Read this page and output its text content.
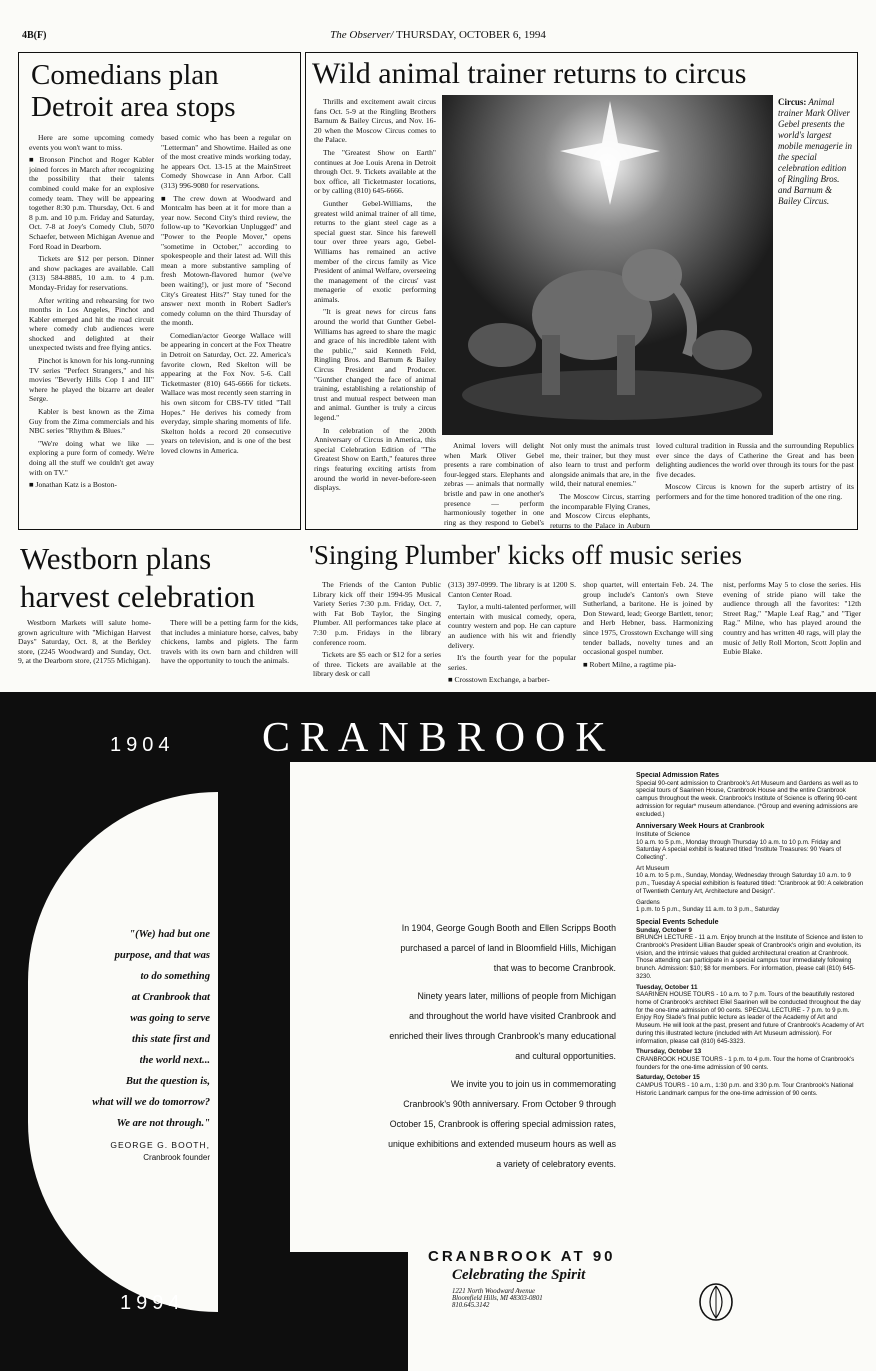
4B(F)	The Observer/ THURSDAY, OCTOBER 6, 1994
Comedians plan
Detroit area stops

Here are some upcoming comedy events you won't want to miss.

■ Bronson Pinchot and Roger Kabler joined forces in March after recognizing the possibility that their talents combined could make for an explosive comedy team. They will be appearing together 8:30 p.m. Thursday, Oct. 6 and 8 p.m. and 10 p.m. Friday and Saturday, Oct. 7-8 at Joey's Comedy Club, 5070 Schaefer, between Michigan Avenue and Ford Road in Dearborn.

Tickets are $12 per person. Dinner and show packages are available. Call (313) 584-8885, 10 a.m. to 4 p.m. Monday-Friday for reservations.

After writing and rehearsing for two months in Los Angeles, Pinchot and Kabler emerged and hit the road circuit where comedy club audiences were shocked and delighted at their unexpected twists and free flying antics.

Pinchot is known for his long-running TV series "Perfect Strangers," and his movies "Beverly Hills Cop I and III" where he played the bizarre art dealer Serge.

Kabler is best known as the Zima Guy from the Zima commercials and his NBC series "Rhythm & Blues."

"We're doing what we like — exploring a pure form of comedy. We're doing all the stuff we couldn't get away with on TV."

■ Jonathan Katz is a Boston-

based comic who has been a regular on "Letterman" and Showtime. Hailed as one of the most creative minds working today, he appears Oct. 13-15 at the MainStreet Comedy Showcase in Ann Arbor. Call (313) 996-9080 for reservations.

■ The crew down at Woodward and Montcalm has been at it for more than a year now. Second City's third review, the follow-up to "Kevorkian Unplugged" and "Power to the People Mover," opens "sometime in October," according to spokespeople and their latest ad. Will this mean a more substantive sampling of fresh Motown-flavored humor (we've been waiting!), or just more of "Second City's Greatest Hits?" Stay tuned for the answer next month in Robert Sadler's comedy column on the third Thursday of the month.

Comedian/actor George Wallace will be appearing in concert at the Fox Theatre in Detroit on Saturday, Oct. 22. America's favorite clown, Red Skelton will be appearing at the Fox Nov. 5-6. Call Ticketmaster (810) 645-6666 for tickets. Wallace was most recently seen starring in his own sitcom for CBS-TV titled "Tall Hopes." He derives his comedy from everyday, simple sharing moments of life. Skelton holds a record 20 consecutive years on television, and is one of the best loved clowns in America.

Wild animal trainer returns to circus

Thrills and excitement await circus fans Oct. 5-9 at the Ringling Brothers Barnum & Bailey Circus, and Nov. 16-20 when the Moscow Circus comes to the Palace.

The "Greatest Show on Earth" continues at Joe Louis Arena in Detroit through Oct. 9. Tickets available at the box office, all Ticketmaster locations, or by calling (810) 645-6666.

Gunther Gebel-Williams, the greatest wild animal trainer of all time, returns to the giant steel cage as a special guest star. Since his farewell tour over three years ago, Gebel-Williams has remained an active member of the circus family as Vice President of animal Welfare, overseeing the management of the circus' vast menagerie of exotic performing animals.

"It is great news for circus fans around the world that Gunther Gebel-Williams has agreed to share the magic and grace of his incredible talent with the public," said Kenneth Feld, Ringling Bros. and Barnum & Bailey Circus President and Producer. "Gunther changed the face of animal training, establishing a relationship of trust and mutual respect between man and animal. Gunther is truly a circus legend."

In celebration of the 200th Anniversary of Circus in America, this special Celebration Edition of "The Greatest Show on Earth," features three rings featuring exciting artists from around the world in never-before-seen displays.

Circus: Animal trainer Mark Oliver Gebel presents the world's largest mobile menagerie in the special celebration edition of Ringling Bros. and Barnum & Bailey Circus.

Animal lovers will delight when Mark Oliver Gebel presents a rare combination of four-legged stars. Elephants and zebras — animals that normally bristle and paw in one another's presence — perform harmoniously together in one ring as they respond to Gebel's

Not only must the animals trust me, their trainer, but they must also learn to trust and perform alongside animals that are, in the wild, their natural enemies."

The Moscow Circus, starring the incomparable Flying Cranes, and Moscow Circus elephants, returns to the Palace in Auburn

loved cultural tradition in Russia and the surrounding Republics ever since the days of Catherine the Great and has been delighting audiences the world over through its tours for the past five decades.

Moscow Circus is known for the superb artistry of its performers and for the time honored tradition of the one ring.

Westborn plans
harvest celebration

Westborn Markets will salute home-grown agriculture with "Michigan Harvest Days" Saturday, Oct. 8, at the Berkley store, (2245 Woodward) and Sunday, Oct. 9, at the Dearborn store, (21755 Michigan).

There will be a petting farm for the kids, that includes a miniature horse, calves, baby chickens, lambs and piglets. The farm travels with its own barn and children will have the opportunity to touch the animals.

'Singing Plumber' kicks off music series

The Friends of the Canton Public Library kick off their 1994-95 Musical Variety Series 7:30 p.m. Friday, Oct. 7, with Fat Bob Taylor, the Singing Plumber. All performances take place at 7:30 p.m. Fridays in the library conference room.

Tickets are $5 each or $12 for a series of three. Tickets are available at the library desk or call

(313) 397-0999. The library is at 1200 S. Canton Center Road.

Taylor, a multi-talented performer, will entertain with musical comedy, opera, country western and pop. He can capture an audience with his wit and friendly delivery.

It's the fourth year for the popular series.

■ Crosstown Exchange, a barber-

shop quartet, will entertain Feb. 24. The group include's Canton's own Steve Sutherland, a baritone. He is joined by Don Steward, lead; George Bartlett, tenor; and Herb Hebner, bass. Harmonizing since 1975, Crosstown Exchange will sing tender ballads, novelty tunes and an occasional gospel number.

■ Robert Milne, a ragtime pia-

nist, performs May 5 to close the series. His evening of stride piano will take the audience through all the favorites: "12th Street Rag," "Maple Leaf Rag," and "Tiger Rag." Milne, who has played around the country and has written 40 rags, will play the music of Jelly Roll Morton, Scott Joplin and Eubie Blake.

1904 CRANBROOK
1994
"(We) had but one
purpose, and that was
to do something
at Cranbrook that
was going to serve
this state first and
the world next...
But the question is,
what will we do tomorrow?
We are not through."
GEORGE G. BOOTH,
Cranbrook founder
In 1904, George Gough Booth and Ellen Scripps Booth
purchased a parcel of land in Bloomfield Hills, Michigan
that was to become Cranbrook.
Ninety years later, millions of people from Michigan
and throughout the world have visited Cranbrook and
enriched their lives through Cranbrook's many educational
and cultural opportunities.
We invite you to join us in commemorating
Cranbrook's 90th anniversary. From October 9 through
October 15, Cranbrook is offering special admission rates,
unique exhibitions and extended museum hours as well as
a variety of celebratory events.
Special Admission Rates

Special 90-cent admission to Cranbrook's Art Museum and Gardens as well as to special tours of Saarinen House, Cranbrook House and the entire Cranbrook campus throughout the week. Cranbrook's Institute of Science is offering 90-cent admission for regular* museum attendance. (*Group and evening admissions are excluded.)

Anniversary Week Hours at Cranbrook

Institute of Science

10 a.m. to 5 p.m., Monday through Thursday 10 a.m. to 10 p.m. Friday and Saturday A special exhibit is featured titled "Institute Treasures: 90 Years of Collecting".

Art Museum

10 a.m. to 5 p.m., Sunday, Monday, Wednesday through Saturday 10 a.m. to 9 p.m., Tuesday A special exhibition is featured titled: "Cranbrook at 90: A celebration of Twentieth Century Art, Architecture and Design".

Gardens

1 p.m. to 5 p.m., Sunday 11 a.m. to 3 p.m., Saturday

Special Events Schedule

Sunday, October 9

BRUNCH LECTURE - 11 a.m. Enjoy brunch at the Institute of Science and listen to Cranbrook's President Lillian Bauder speak of Cranbrook's origin and evolution, its vision, and the intrinsic values that guided architectural creation at Cranbrook. Those attending can participate in a special campus tour immediately following brunch. Admission: $10; $8 for members. For information, please call (810) 645-3230.

Tuesday, October 11

SAARINEN HOUSE TOURS - 10 a.m. to 7 p.m. Tours of the beautifully restored home of Cranbrook's architect Eliel Saarinen will be conducted throughout the day for the one-time admission of 90 cents. SPECIAL LECTURE - 7 p.m. to 9 p.m. Enjoy Roy Slade's final public lecture as leader of the Academy of Art and Museum. He will look at the past, present and future of Cranbrook's Academy of Art during this illustrated lecture (included with Art Museum admission). For information, please call (810) 645-3323.

Thursday, October 13

CRANBROOK HOUSE TOURS - 1 p.m. to 4 p.m. Tour the home of Cranbrook's founders for the one-time admission of 90 cents.

Saturday, October 15

CAMPUS TOURS - 10 a.m., 1:30 p.m. and 3:30 p.m. Tour Cranbrook's National Historic Landmark campus for the one-time admission of 90 cents.

CRANBROOK AT 90
Celebrating the Spirit
1221 North Woodward Avenue
Bloomfield Hills, MI 48303-0801
810.645.3142
